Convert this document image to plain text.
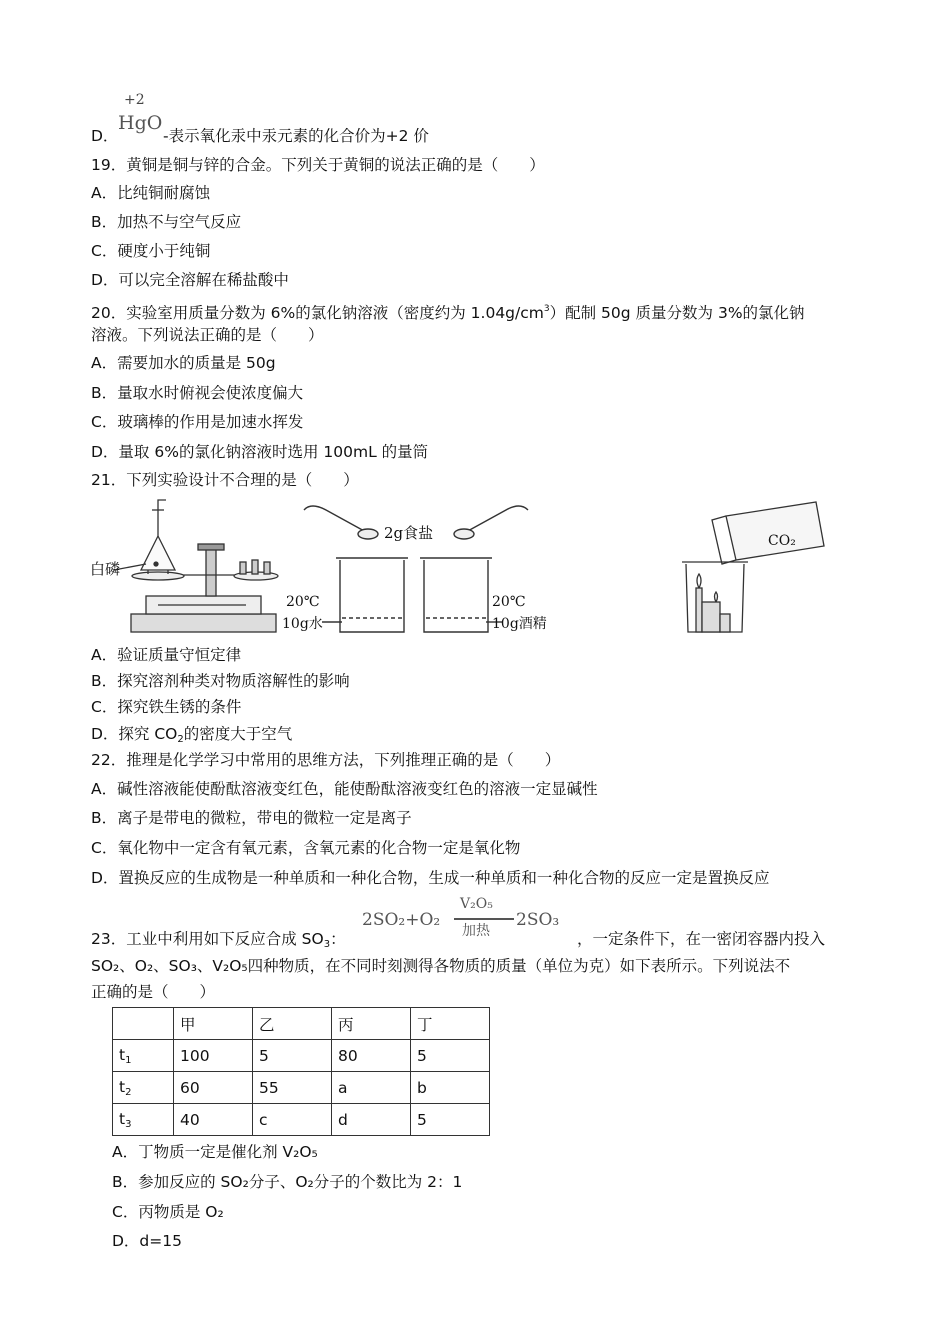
D．
+2
HgO
-表示氧化汞中汞元素的化合价为+2 价
19．黄铜是铜与锌的合金。下列关于黄铜的说法正确的是（　　）
A．比纯铜耐腐蚀
B．加热不与空气反应
C．硬度小于纯铜
D．可以完全溶解在稀盐酸中
20．实验室用质量分数为 6%的氯化钠溶液（密度约为 $1.04g/cm^3$）配制 50g 质量分数为 3%的氯化钠
溶液。下列说法正确的是（　　）
A．需要加水的质量是 50g
B．量取水时俯视会使浓度偏大
C．玻璃棒的作用是加速水挥发
D．量取 6%的氯化钠溶液时选用 100mL 的量筒
21．下列实验设计不合理的是（　　）
白磷
2g食盐
20℃
10g水
20℃
10g酒精
CO₂
A．验证质量守恒定律
B．探究溶剂种类对物质溶解性的影响
C．探究铁生锈的条件
D．探究 $CO_2$的密度大于空气
22．推理是化学学习中常用的思维方法，下列推理正确的是（　　）
A．碱性溶液能使酚酞溶液变红色，能使酚酞溶液变红色的溶液一定显碱性
B．离子是带电的微粒，带电的微粒一定是离子
C．氧化物中一定含有氧元素，含氧元素的化合物一定是氧化物
D．置换反应的生成物是一种单质和一种化合物，生成一种单质和一种化合物的反应一定是置换反应
23．工业中利用如下反应合成 $SO_3$：
2SO₂+O₂
V₂O₅
加热
2SO₃
，一定条件下，在一密闭容器内投入
SO₂、O₂、SO₃、V₂O₅四种物质，在不同时刻测得各物质的质量（单位为克）如下表所示。下列说法不
正确的是（　　）
	甲	乙	丙	丁
$t_1$	100	5	80	5
$t_2$	60	55	a	b
$t_3$	40	c	d	5
A．丁物质一定是催化剂 V₂O₅
B．参加反应的 SO₂分子、O₂分子的个数比为 2：1
C．丙物质是 O₂
D．d=15
